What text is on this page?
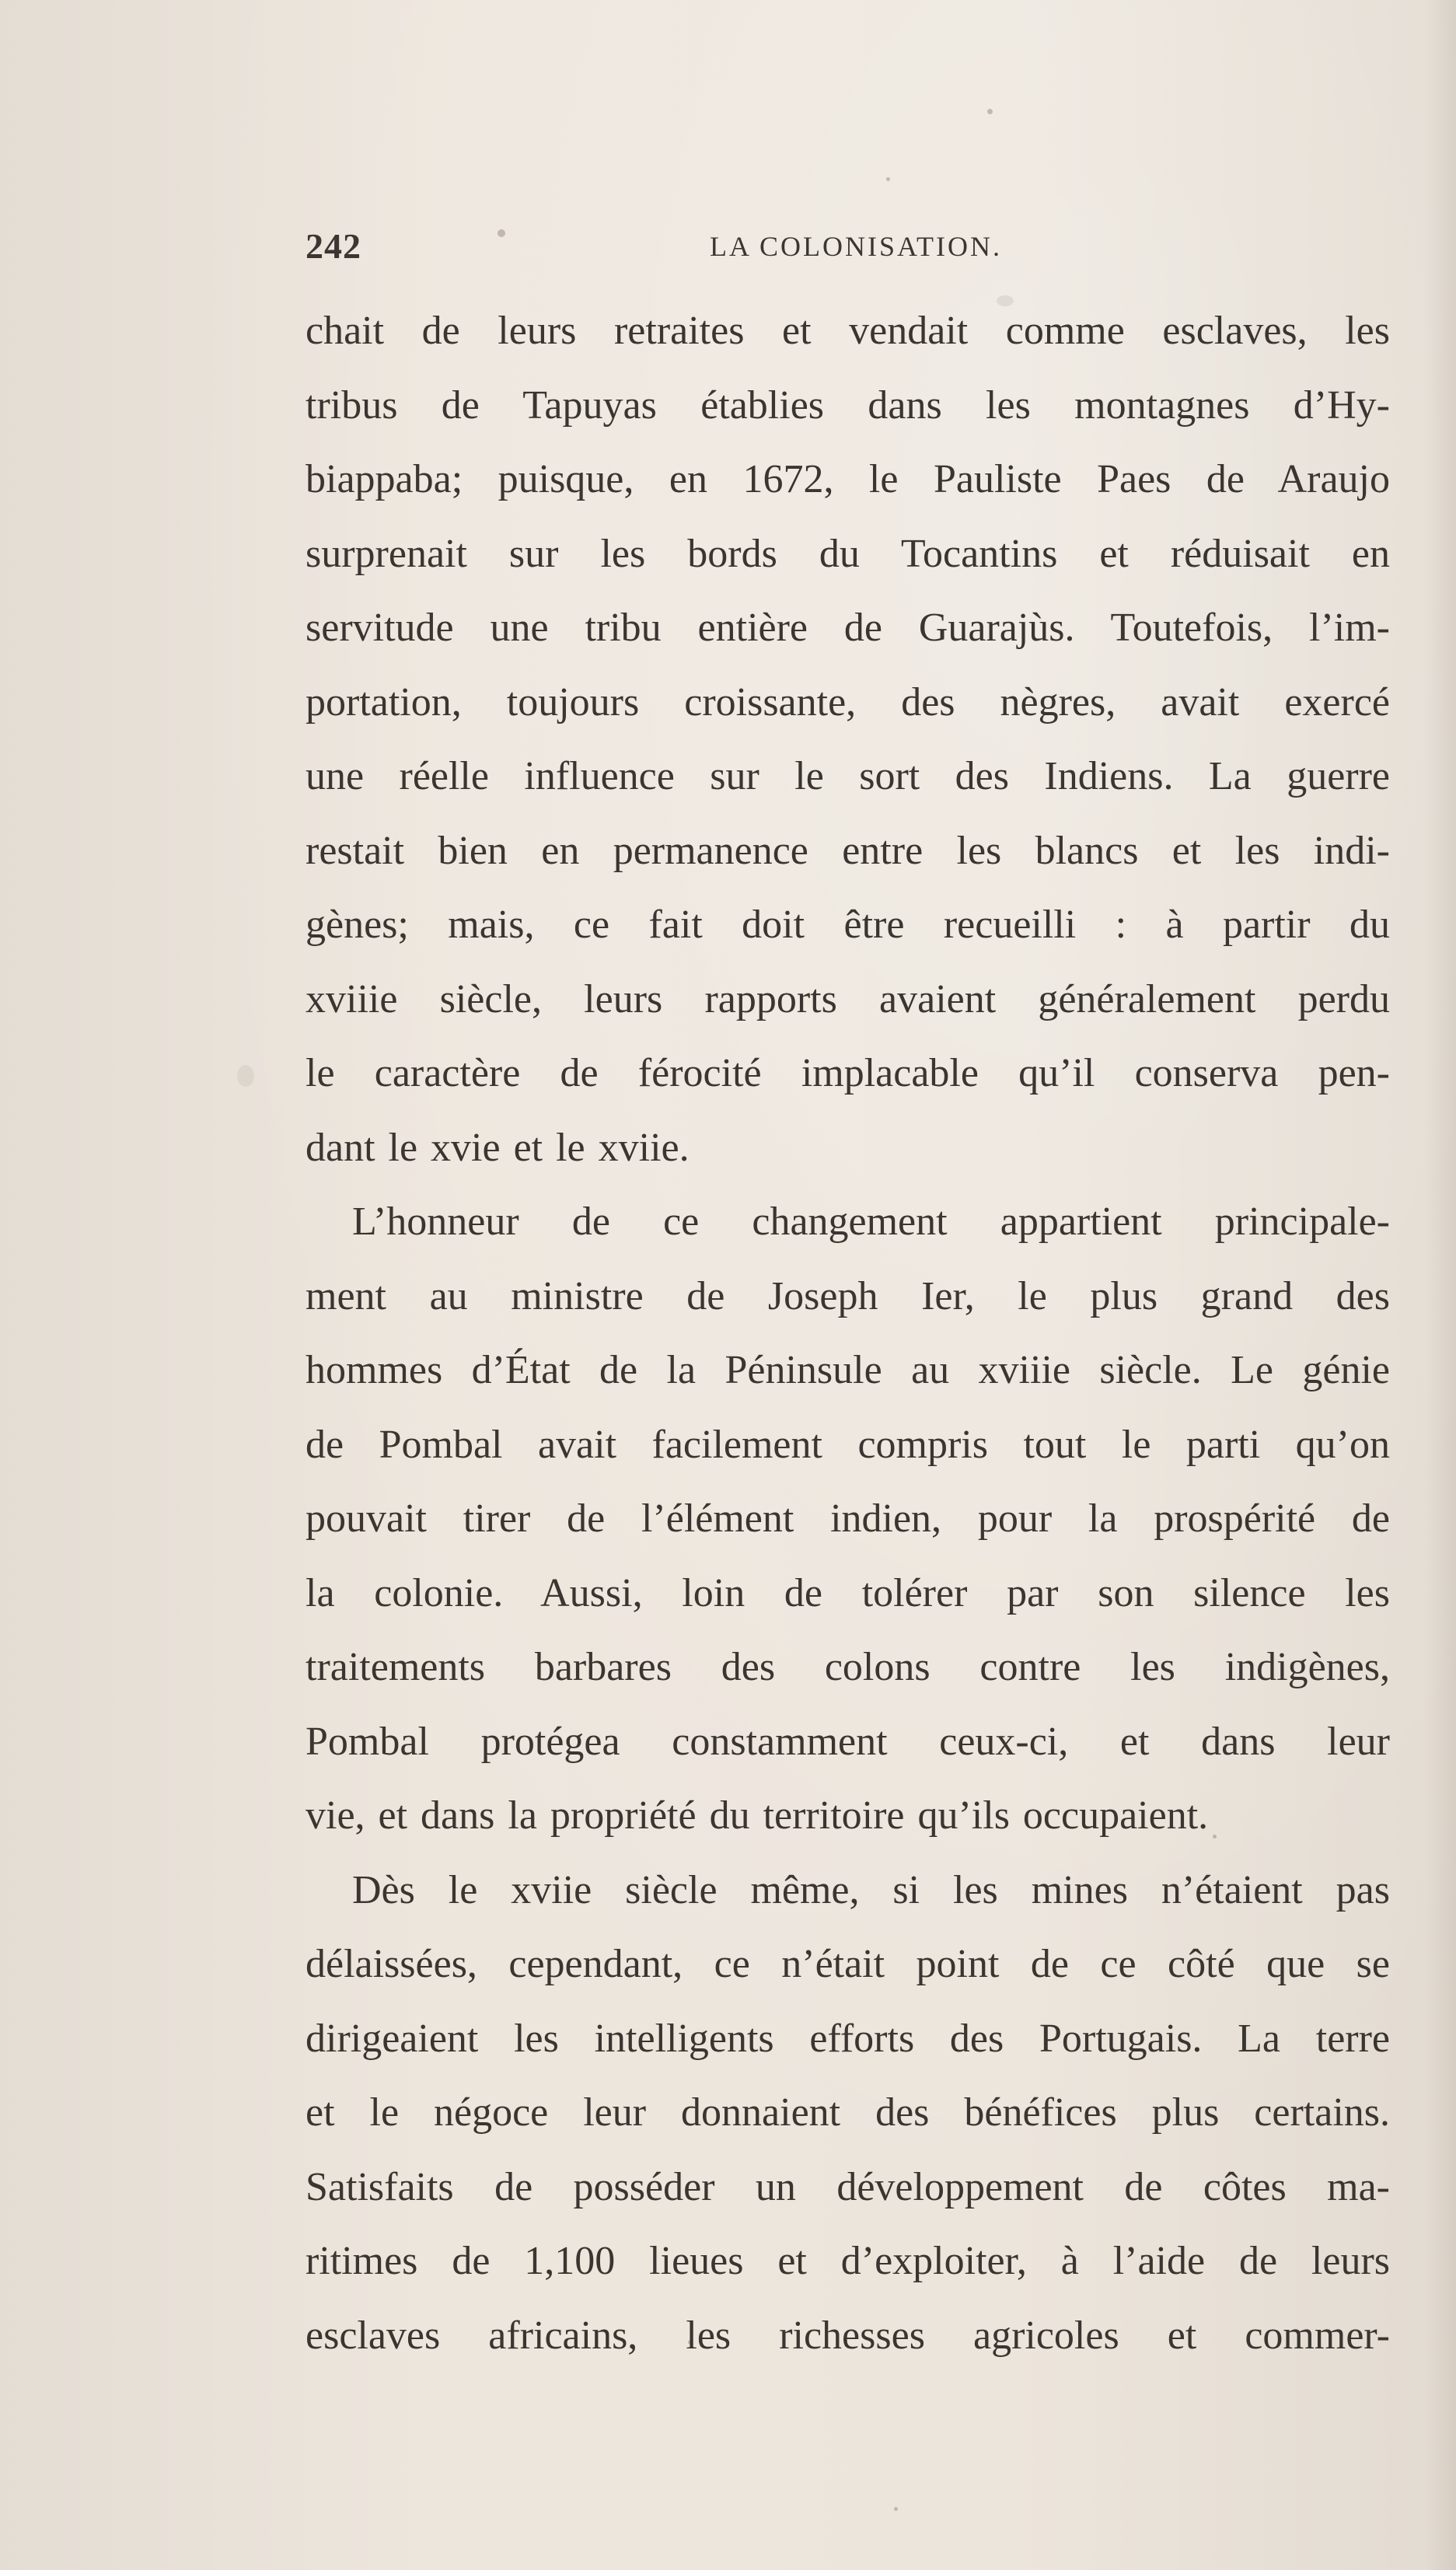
242	LA COLONISATION.
chait de leurs retraites et vendait comme esclaves, les
tribus de Tapuyas établies dans les montagnes d’Hy-
biappaba; puisque, en 1672, le Pauliste Paes de Araujo
surprenait sur les bords du Tocantins et réduisait en
servitude une tribu entière de Guarajùs. Toutefois, l’im-
portation, toujours croissante, des nègres, avait exercé
une réelle influence sur le sort des Indiens. La guerre
restait bien en permanence entre les blancs et les indi-
gènes; mais, ce fait doit être recueilli : à partir du
xviiie siècle, leurs rapports avaient généralement perdu
le caractère de férocité implacable qu’il conserva pen-
dant le xvie et le xviie.
L’honneur de ce changement appartient principale-
ment au ministre de Joseph Ier, le plus grand des
hommes d’État de la Péninsule au xviiie siècle. Le génie
de Pombal avait facilement compris tout le parti qu’on
pouvait tirer de l’élément indien, pour la prospérité de
la colonie. Aussi, loin de tolérer par son silence les
traitements barbares des colons contre les indigènes,
Pombal protégea constamment ceux-ci, et dans leur
vie, et dans la propriété du territoire qu’ils occupaient.
Dès le xviie siècle même, si les mines n’étaient pas
délaissées, cependant, ce n’était point de ce côté que se
dirigeaient les intelligents efforts des Portugais. La terre
et le négoce leur donnaient des bénéfices plus certains.
Satisfaits de posséder un développement de côtes ma-
ritimes de 1,100 lieues et d’exploiter, à l’aide de leurs
esclaves africains, les richesses agricoles et commer-
